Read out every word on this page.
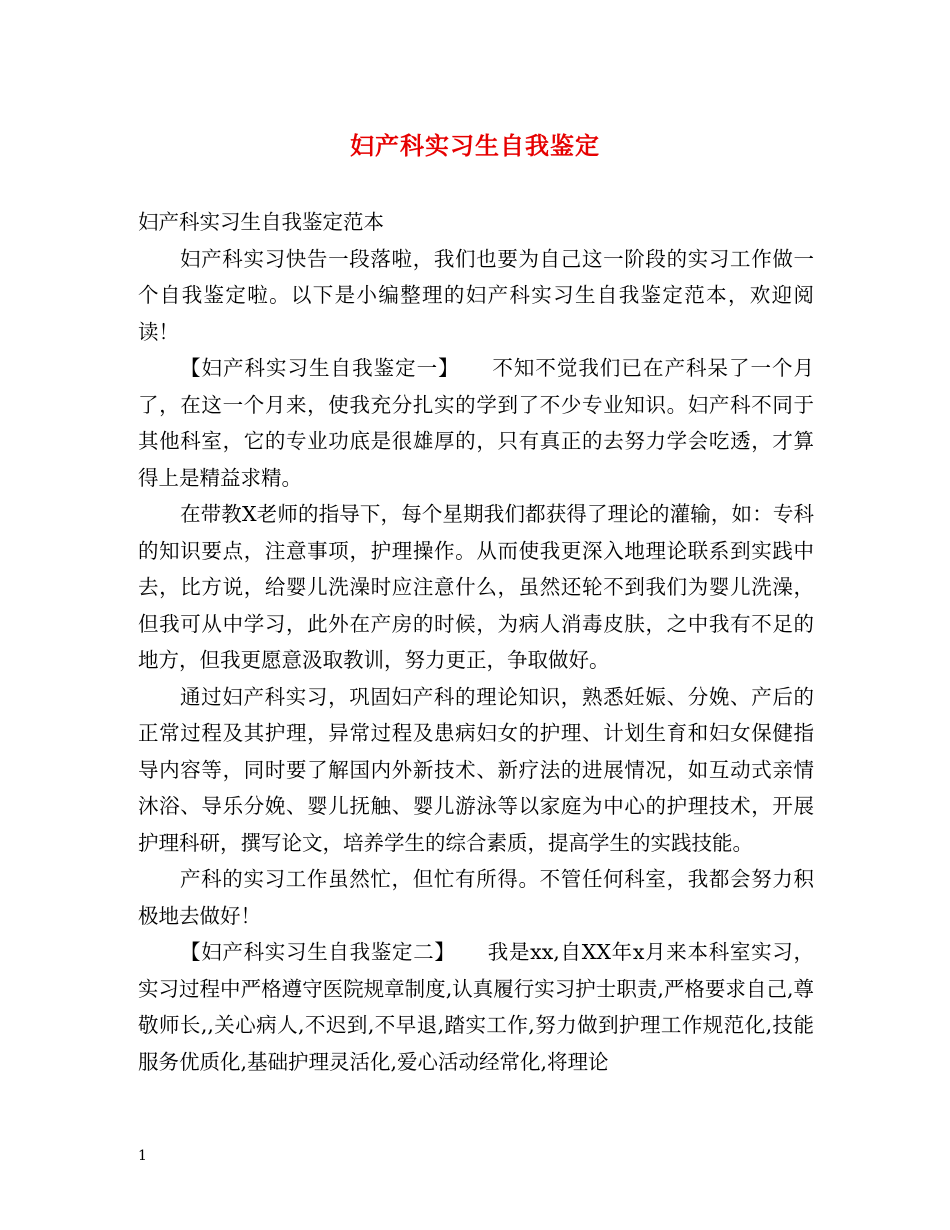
妇产科实习生自我鉴定

妇产科实习生自我鉴定范本

妇产科实习快告一段落啦，我们也要为自己这一阶段的实习工作做一个自我鉴定啦。以下是小编整理的妇产科实习生自我鉴定范本，欢迎阅读！

【妇产科实习生自我鉴定一】　　不知不觉我们已在产科呆了一个月了，在这一个月来，使我充分扎实的学到了不少专业知识。妇产科不同于其他科室，它的专业功底是很雄厚的，只有真正的去努力学会吃透，才算得上是精益求精。

在带教X老师的指导下，每个星期我们都获得了理论的灌输，如：专科的知识要点，注意事项，护理操作。从而使我更深入地理论联系到实践中去，比方说，给婴儿洗澡时应注意什么，虽然还轮不到我们为婴儿洗澡，但我可从中学习，此外在产房的时候，为病人消毒皮肤，之中我有不足的地方，但我更愿意汲取教训，努力更正，争取做好。

通过妇产科实习，巩固妇产科的理论知识，熟悉妊娠、分娩、产后的正常过程及其护理，异常过程及患病妇女的护理、计划生育和妇女保健指导内容等，同时要了解国内外新技术、新疗法的进展情况，如互动式亲情沐浴、导乐分娩、婴儿抚触、婴儿游泳等以家庭为中心的护理技术，开展护理科研，撰写论文，培养学生的综合素质，提高学生的实践技能。

产科的实习工作虽然忙，但忙有所得。不管任何科室，我都会努力积极地去做好！

【妇产科实习生自我鉴定二】　　我是xx,自XX年x月来本科室实习，实习过程中严格遵守医院规章制度,认真履行实习护士职责,严格要求自己,尊敬师长,,关心病人,不迟到,不早退,踏实工作,努力做到护理工作规范化,技能服务优质化,基础护理灵活化,爱心活动经常化,将理论

1
